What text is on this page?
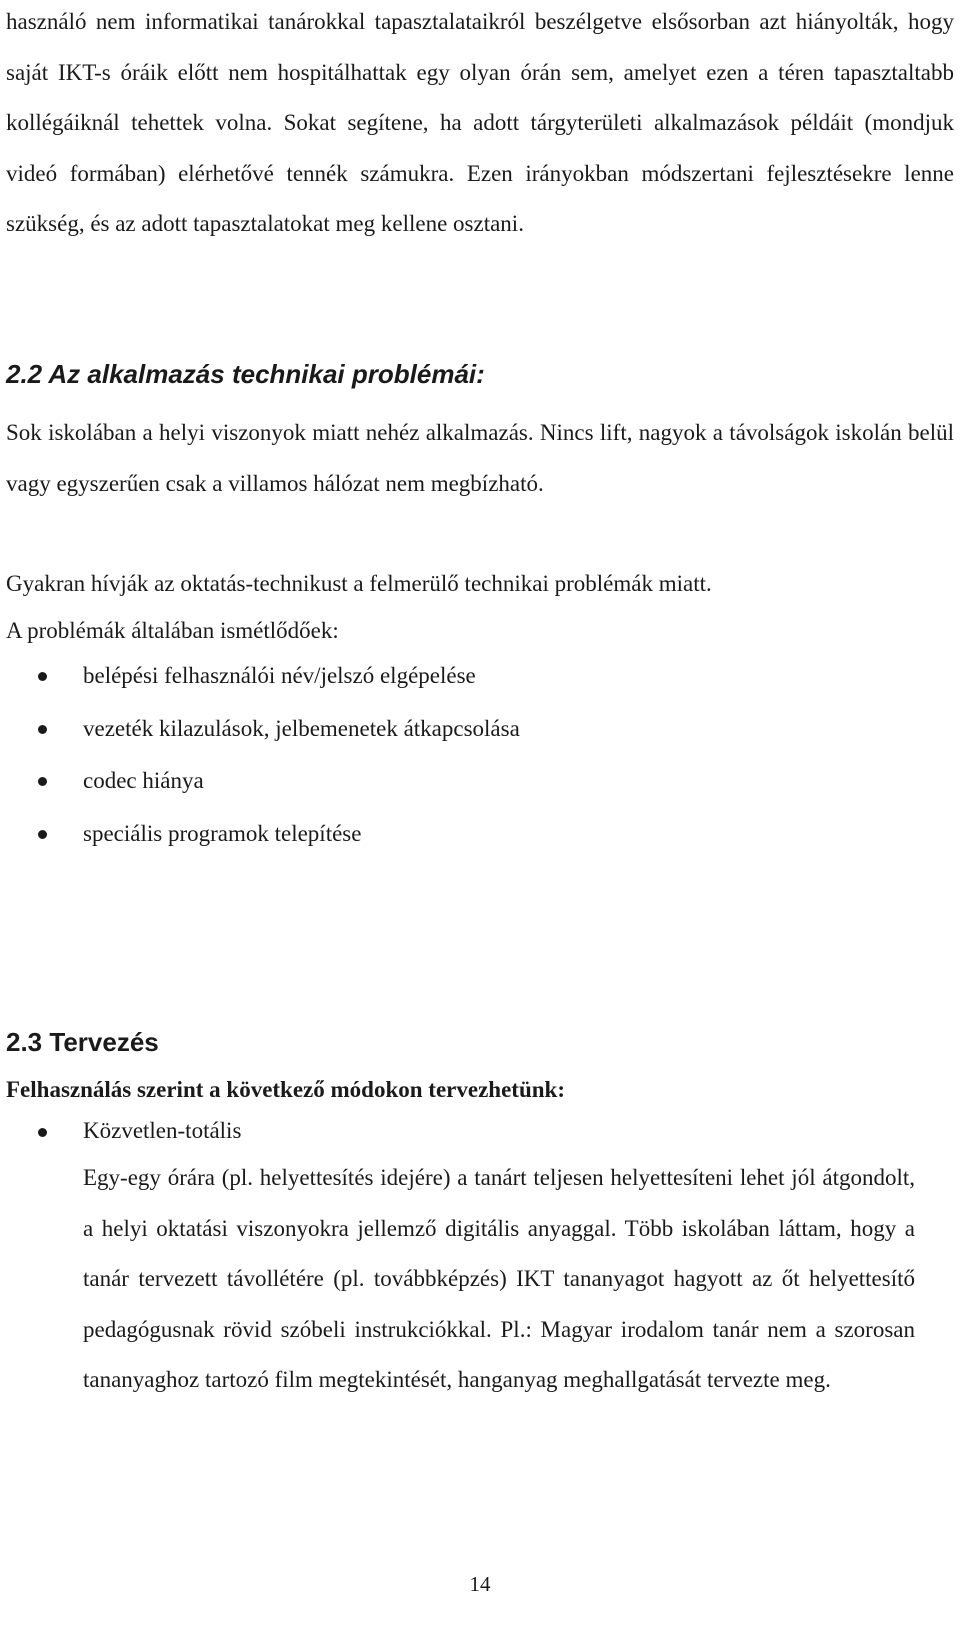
használó nem informatikai tanárokkal tapasztalataikról beszélgetve elsősorban azt hiányolták, hogy saját IKT-s óráik előtt nem hospitálhattak egy olyan órán sem, amelyet ezen a téren tapasztaltabb kollégáiknál tehettek volna. Sokat segítene, ha adott tárgyterületi alkalmazások példáit (mondjuk videó formában) elérhetővé tennék számukra. Ezen irányokban módszertani fejlesztésekre lenne szükség, és az adott tapasztalatokat meg kellene osztani.

2.2 Az alkalmazás technikai problémái:

Sok iskolában a helyi viszonyok miatt nehéz alkalmazás. Nincs lift, nagyok a távolságok iskolán belül vagy egyszerűen csak a villamos hálózat nem megbízható.

Gyakran hívják az oktatás-technikust a felmerülő technikai problémák miatt.

A problémák általában ismétlődőek:

belépési felhasználói név/jelszó elgépelése
vezeték kilazulások, jelbemenetek átkapcsolása
codec hiánya
speciális programok telepítése
2.3 Tervezés
Felhasználás szerint a következő módokon tervezhetünk:
Közvetlen-totális

Egy-egy órára (pl. helyettesítés idejére) a tanárt teljesen helyettesíteni lehet jól átgondolt, a helyi oktatási viszonyokra jellemző digitális anyaggal. Több iskolában láttam, hogy a tanár tervezett távollétére (pl. továbbképzés) IKT tananyagot hagyott az őt helyettesítő pedagógusnak rövid szóbeli instrukciókkal. Pl.: Magyar irodalom tanár nem a szorosan tananyaghoz tartozó film megtekintését, hanganyag meghallgatását tervezte meg.

14
